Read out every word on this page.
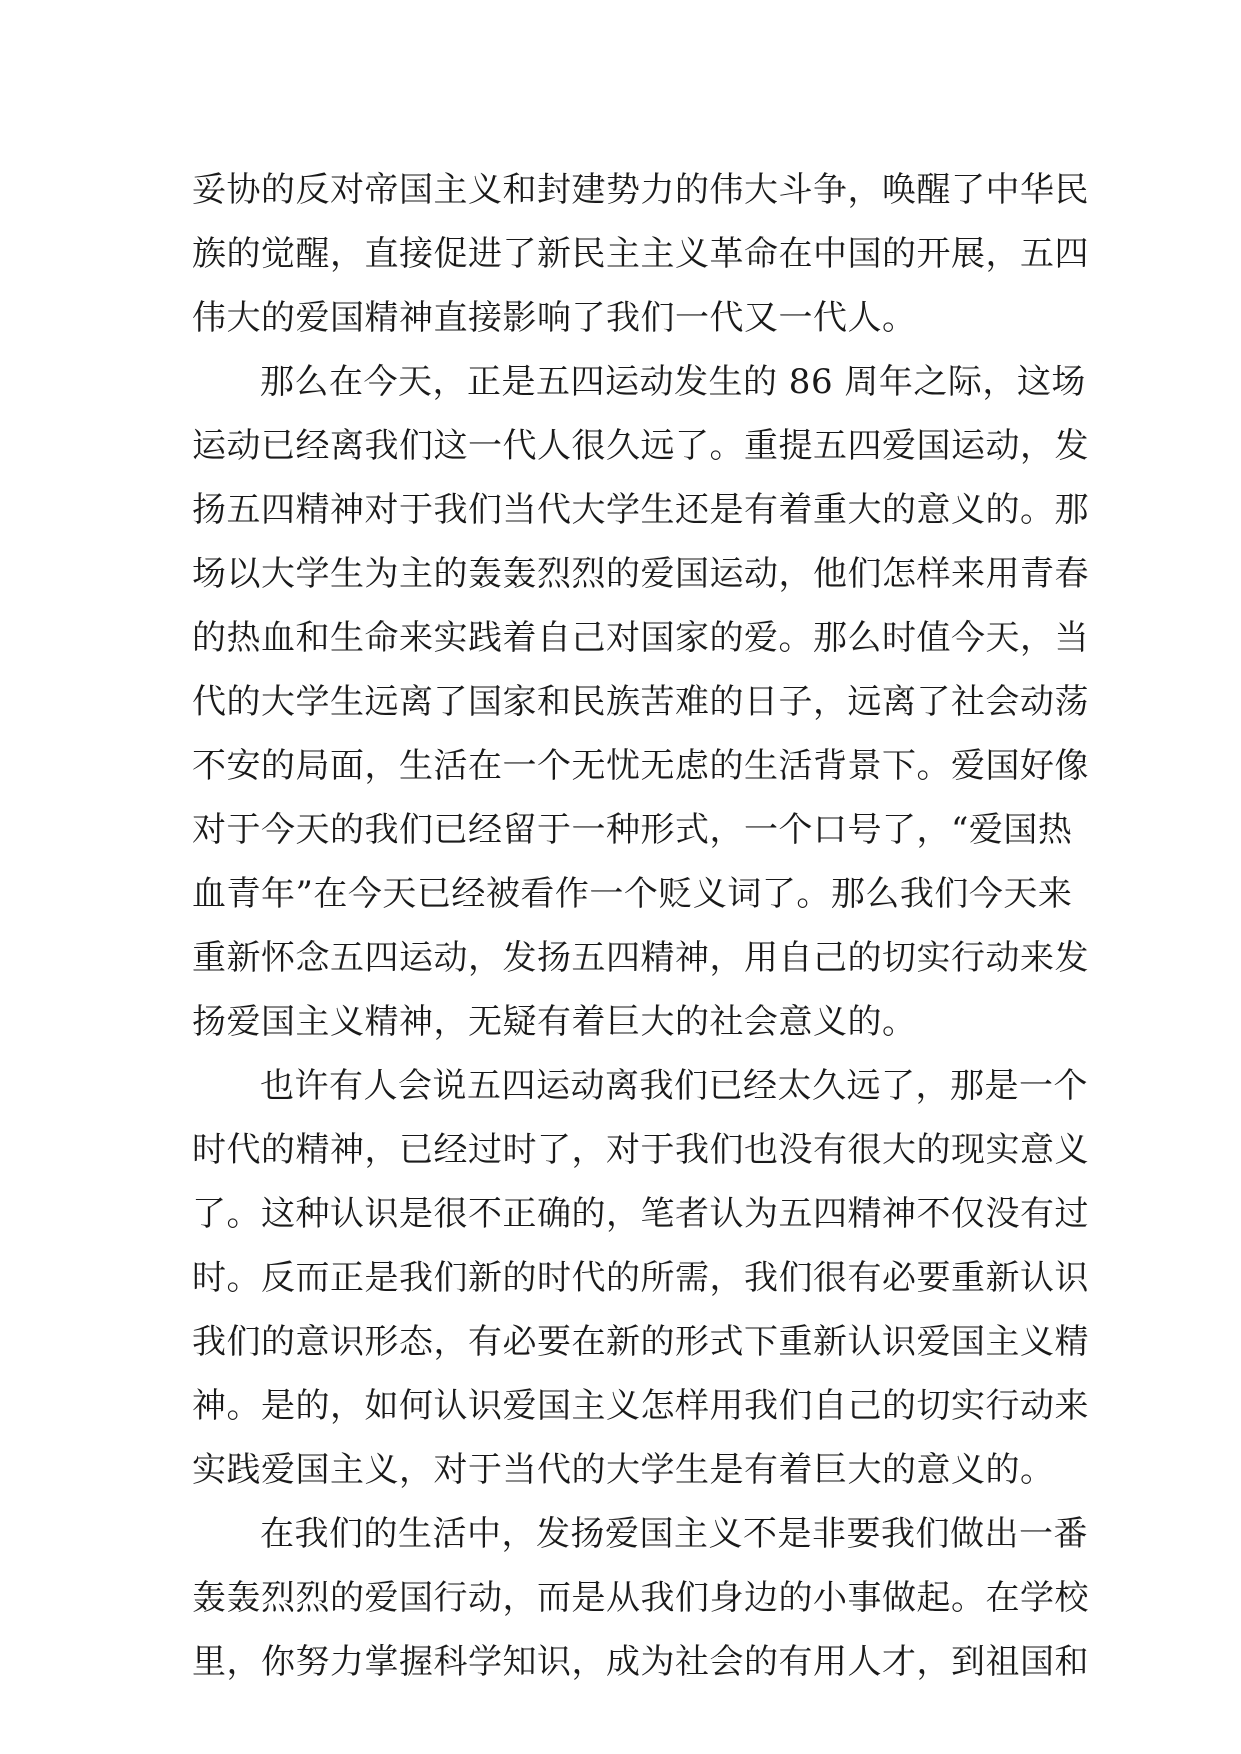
妥协的反对帝国主义和封建势力的伟大斗争，唤醒了中华民
族的觉醒，直接促进了新民主主义革命在中国的开展，五四
伟大的爱国精神直接影响了我们一代又一代人。
那么在今天，正是五四运动发生的 86 周年之际，这场
运动已经离我们这一代人很久远了。重提五四爱国运动，发
扬五四精神对于我们当代大学生还是有着重大的意义的。那
场以大学生为主的轰轰烈烈的爱国运动，他们怎样来用青春
的热血和生命来实践着自己对国家的爱。那么时值今天，当
代的大学生远离了国家和民族苦难的日子，远离了社会动荡
不安的局面，生活在一个无忧无虑的生活背景下。爱国好像
对于今天的我们已经留于一种形式，一个口号了，“爱国热
血青年”在今天已经被看作一个贬义词了。那么我们今天来
重新怀念五四运动，发扬五四精神，用自己的切实行动来发
扬爱国主义精神，无疑有着巨大的社会意义的。
也许有人会说五四运动离我们已经太久远了，那是一个
时代的精神，已经过时了，对于我们也没有很大的现实意义
了。这种认识是很不正确的，笔者认为五四精神不仅没有过
时。反而正是我们新的时代的所需，我们很有必要重新认识
我们的意识形态，有必要在新的形式下重新认识爱国主义精
神。是的，如何认识爱国主义怎样用我们自己的切实行动来
实践爱国主义，对于当代的大学生是有着巨大的意义的。
在我们的生活中，发扬爱国主义不是非要我们做出一番
轰轰烈烈的爱国行动，而是从我们身边的小事做起。在学校
里，你努力掌握科学知识，成为社会的有用人才，到祖国和
